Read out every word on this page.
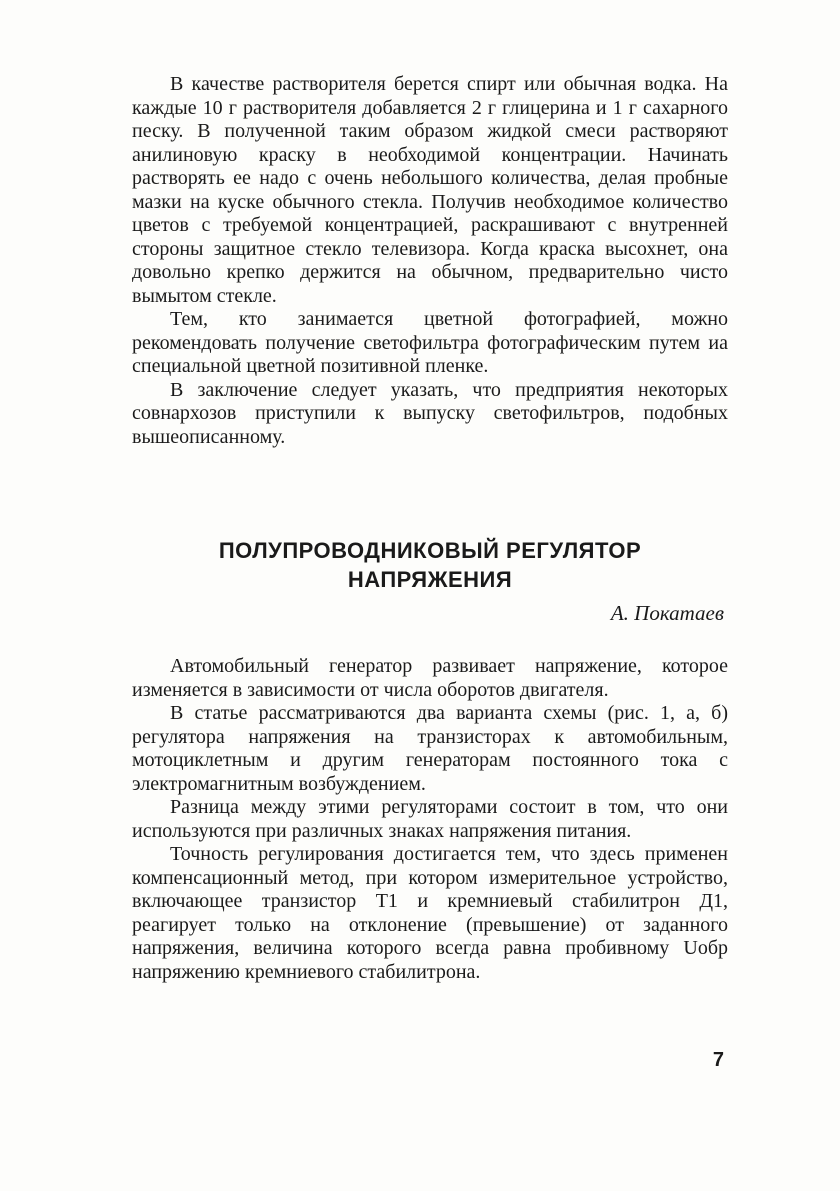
В качестве растворителя берется спирт или обычная водка. На каждые 10 г растворителя добавляется 2 г глицерина и 1 г сахарного песку. В полученной таким образом жидкой смеси растворяют анилиновую краску в необходимой концентрации. Начинать растворять ее надо с очень небольшого количества, делая пробные мазки на куске обычного стекла. Получив необходимое количество цветов с требуемой концентрацией, раскрашивают с внутренней стороны защитное стекло телевизора. Когда краска высохнет, она довольно крепко держится на обычном, предварительно чисто вымытом стекле.

Тем, кто занимается цветной фотографией, можно рекомендовать получение светофильтра фотографическим путем иа специальной цветной позитивной пленке.

В заключение следует указать, что предприятия некоторых совнархозов приступили к выпуску светофильтров, подобных вышеописанному.

ПОЛУПРОВОДНИКОВЫЙ РЕГУЛЯТОР
НАПРЯЖЕНИЯ

А. Покатаев

Автомобильный генератор развивает напряжение, которое изменяется в зависимости от числа оборотов двигателя.

В статье рассматриваются два варианта схемы (рис. 1, а, б) регулятора напряжения на транзисторах к автомобильным, мотоциклетным и другим генераторам постоянного тока с электромагнитным возбуждением.

Разница между этими регуляторами состоит в том, что они используются при различных знаках напряжения питания.

Точность регулирования достигается тем, что здесь применен компенсационный метод, при котором измерительное устройство, включающее транзистор Т1 и кремниевый стабилитрон Д1, реагирует только на отклонение (превышение) от заданного напряжения, величина которого всегда равна пробивному Uобр напряжению кремниевого стабилитрона.

7
